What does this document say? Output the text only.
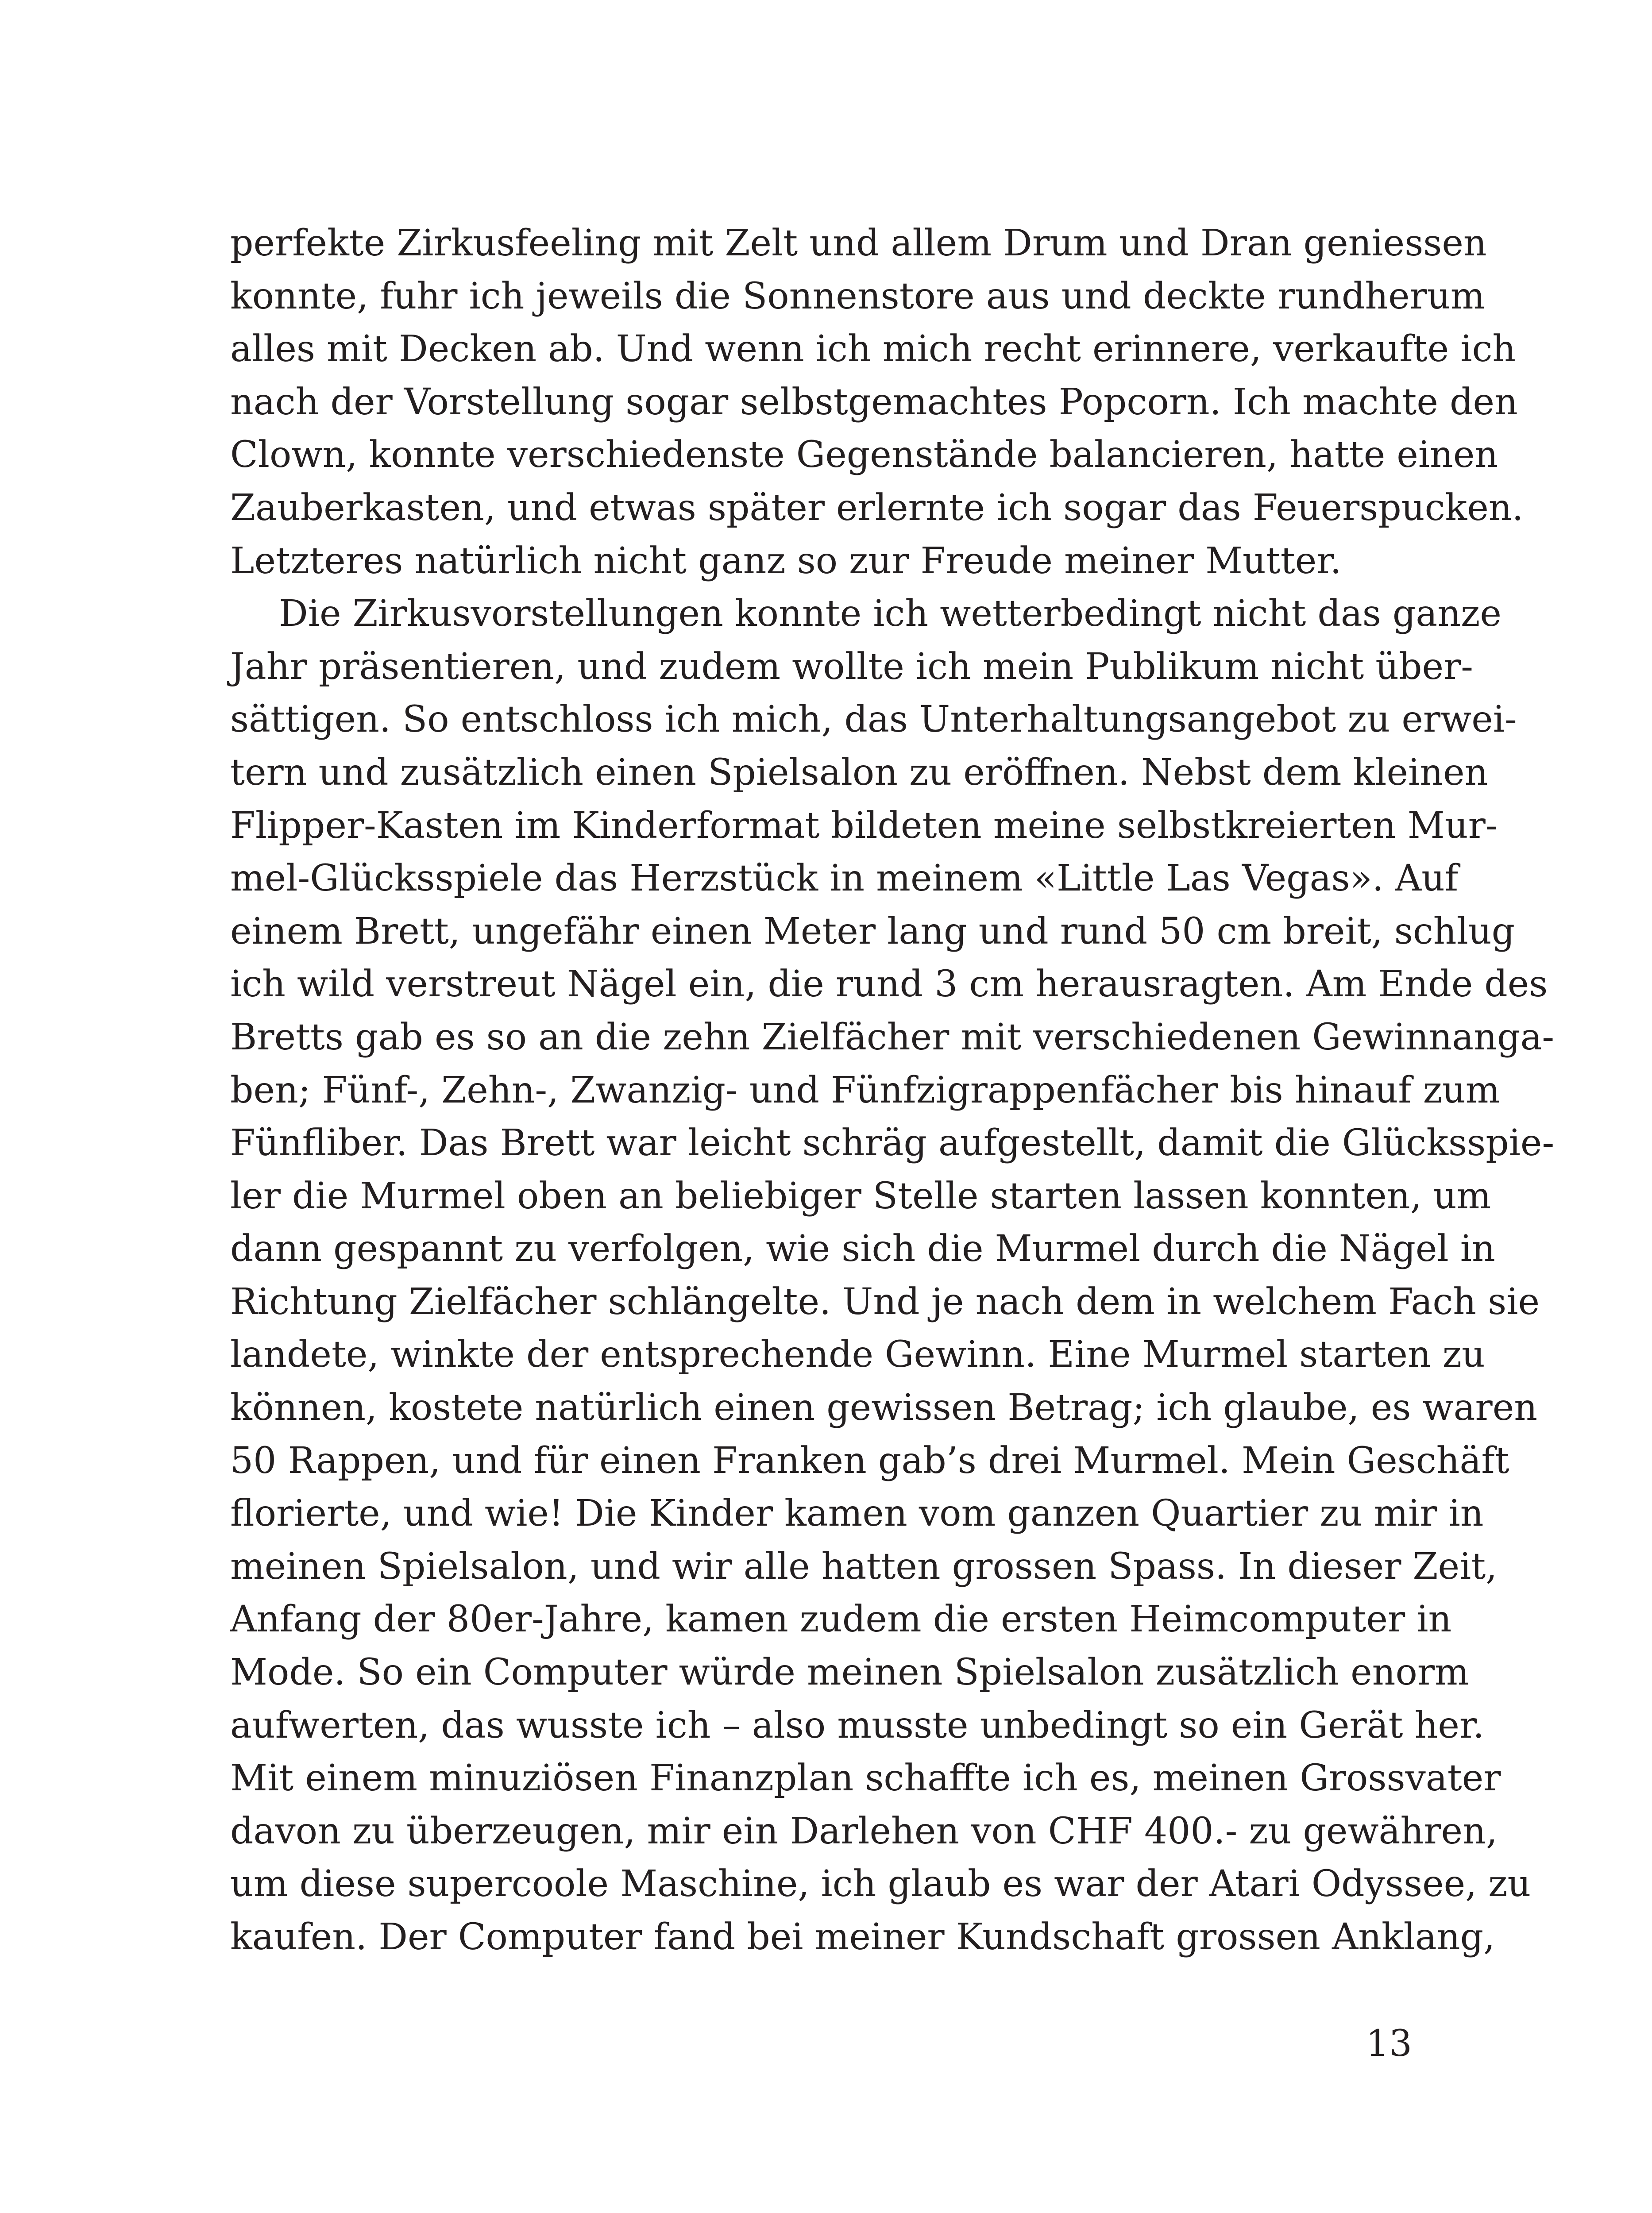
perfekte Zirkusfeeling mit Zelt und allem Drum und Dran geniessen
konnte, fuhr ich jeweils die Sonnenstore aus und deckte rundherum
alles mit Decken ab. Und wenn ich mich recht erinnere, verkaufte ich
nach der Vorstellung sogar selbstgemachtes Popcorn. Ich machte den
Clown, konnte verschiedenste Gegenstände balancieren, hatte einen
Zauberkasten, und etwas später erlernte ich sogar das Feuerspucken.
Letzteres natürlich nicht ganz so zur Freude meiner Mutter.
Die Zirkusvorstellungen konnte ich wetterbedingt nicht das ganze
Jahr präsentieren, und zudem wollte ich mein Publikum nicht über-
sättigen. So entschloss ich mich, das Unterhaltungsangebot zu erwei-
tern und zusätzlich einen Spielsalon zu eröffnen. Nebst dem kleinen
Flipper-Kasten im Kinderformat bildeten meine selbstkreierten Mur-
mel-Glücksspiele das Herzstück in meinem «Little Las Vegas». Auf
einem Brett, ungefähr einen Meter lang und rund 50 cm breit, schlug
ich wild verstreut Nägel ein, die rund 3 cm herausragten. Am Ende des
Bretts gab es so an die zehn Zielfächer mit verschiedenen Gewinnanga-
ben; Fünf-, Zehn-, Zwanzig- und Fünfzigrappenfächer bis hinauf zum
Fünfliber. Das Brett war leicht schräg aufgestellt, damit die Glücksspie-
ler die Murmel oben an beliebiger Stelle starten lassen konnten, um
dann gespannt zu verfolgen, wie sich die Murmel durch die Nägel in
Richtung Zielfächer schlängelte. Und je nach dem in welchem Fach sie
landete, winkte der entsprechende Gewinn. Eine Murmel starten zu
können, kostete natürlich einen gewissen Betrag; ich glaube, es waren
50 Rappen, und für einen Franken gab’s drei Murmel. Mein Geschäft
florierte, und wie! Die Kinder kamen vom ganzen Quartier zu mir in
meinen Spielsalon, und wir alle hatten grossen Spass. In dieser Zeit,
Anfang der 80er-Jahre, kamen zudem die ersten Heimcomputer in
Mode. So ein Computer würde meinen Spielsalon zusätzlich enorm
aufwerten, das wusste ich – also musste unbedingt so ein Gerät her.
Mit einem minuziösen Finanzplan schaffte ich es, meinen Grossvater
davon zu überzeugen, mir ein Darlehen von CHF 400.- zu gewähren,
um diese supercoole Maschine, ich glaub es war der Atari Odyssee, zu
kaufen. Der Computer fand bei meiner Kundschaft grossen Anklang,
13
